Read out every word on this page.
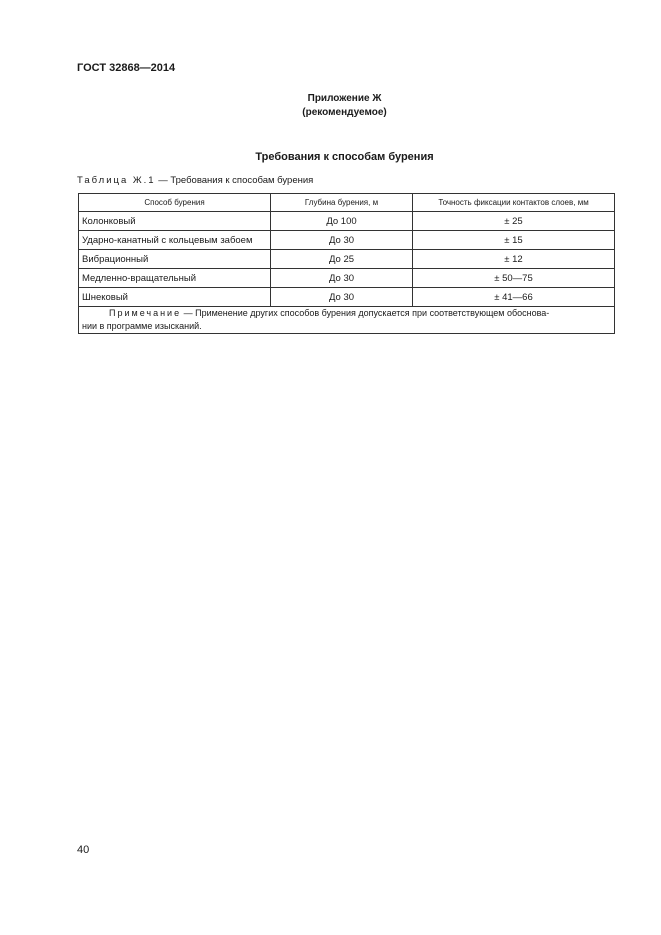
ГОСТ 32868—2014
Приложение Ж
(рекомендуемое)
Требования к способам бурения
Таблица Ж.1 — Требования к способам бурения
Способ бурения	Глубина бурения, м	Точность фиксации контактов слоев, мм
Колонковый	До 100	± 25
Ударно-канатный с кольцевым забоем	До 30	± 15
Вибрационный	До 25	± 12
Медленно-вращательный	До 30	± 50—75
Шнековый	До 30	± 41—66

Примечание — Применение других способов бурения допускается при соответствующем обоснова-
нии в программе изысканий.		
40
